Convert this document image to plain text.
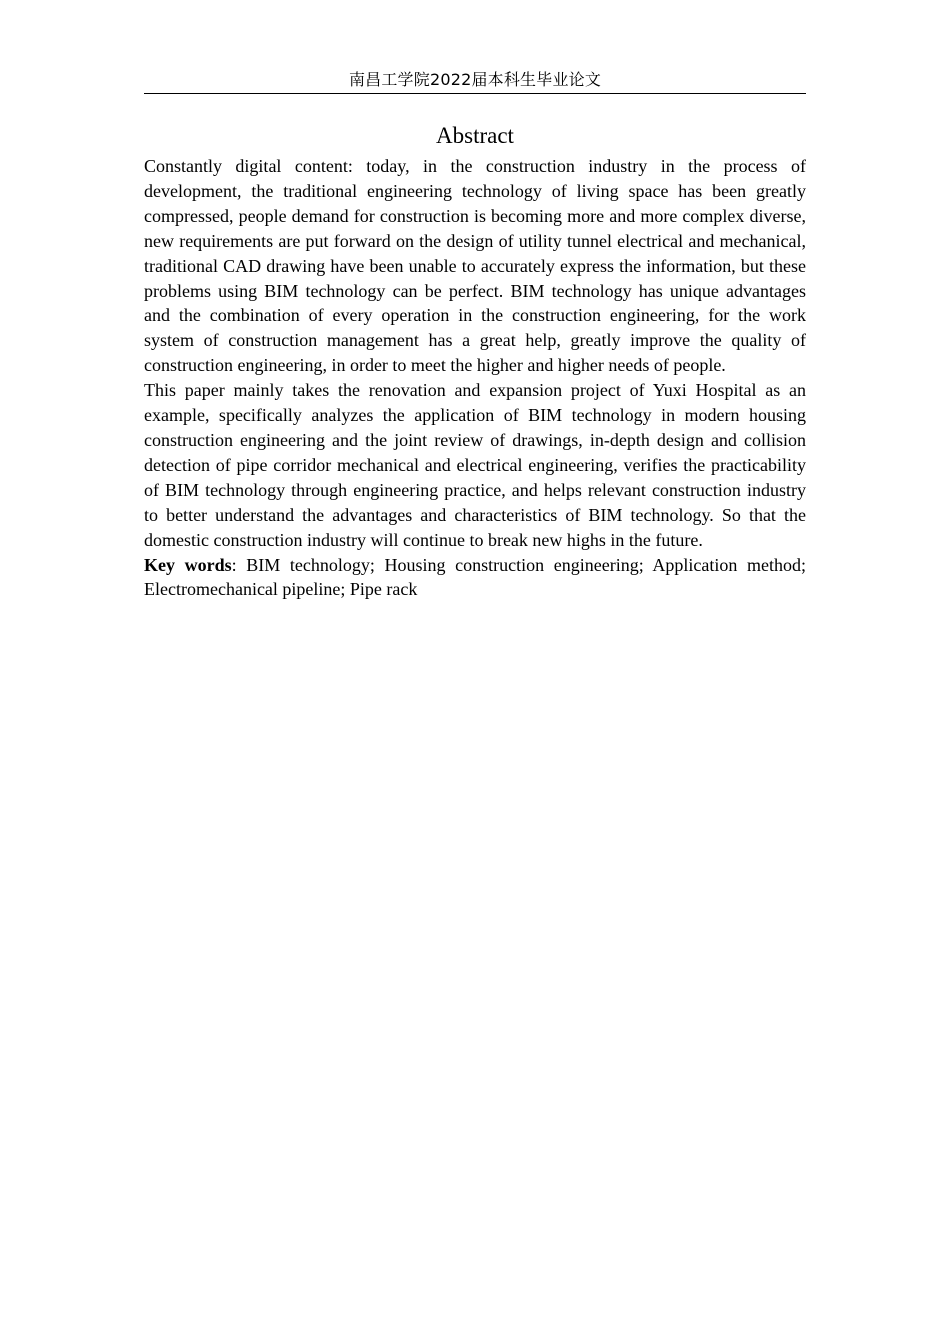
南昌工学院2022届本科生毕业论文
Abstract

Constantly digital content: today, in the construction industry in the process of development, the traditional engineering technology of living space has been greatly compressed, people demand for construction is becoming more and more complex diverse, new requirements are put forward on the design of utility tunnel electrical and mechanical, traditional CAD drawing have been unable to accurately express the information, but these problems using BIM technology can be perfect. BIM technology has unique advantages and the combination of every operation in the construction engineering, for the work system of construction management has a great help, greatly improve the quality of construction engineering, in order to meet the higher and higher needs of people.

This paper mainly takes the renovation and expansion project of Yuxi Hospital as an example, specifically analyzes the application of BIM technology in modern housing construction engineering and the joint review of drawings, in-depth design and collision detection of pipe corridor mechanical and electrical engineering, verifies the practicability of BIM technology through engineering practice, and helps relevant construction industry to better understand the advantages and characteristics of BIM technology. So that the domestic construction industry will continue to break new highs in the future.

Key words: BIM technology; Housing construction engineering; Application method; Electromechanical pipeline; Pipe rack
